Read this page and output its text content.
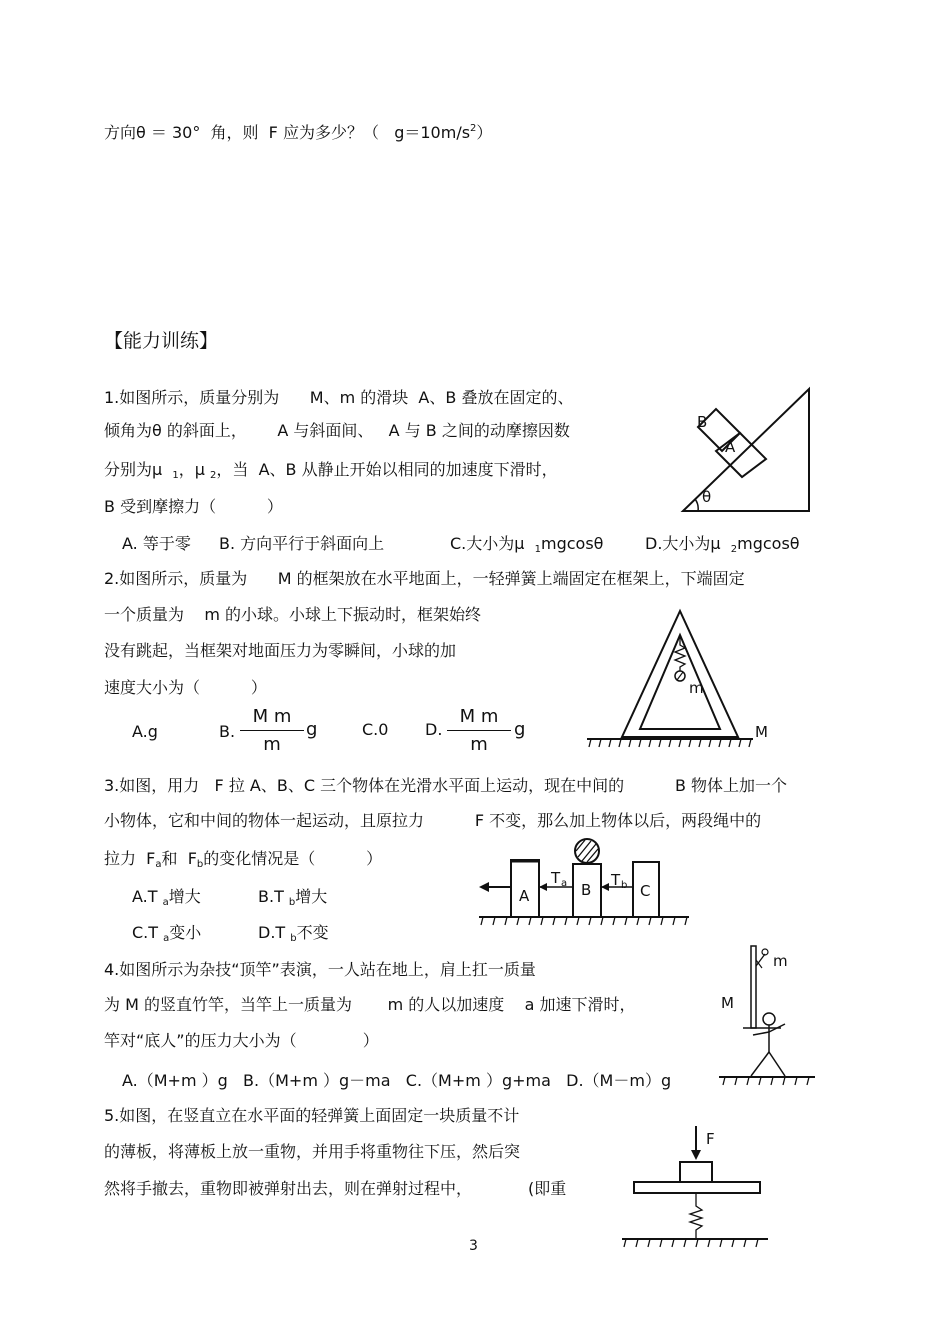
方向θ ＝ 30°  角，则  F 应为多少？（   $g=10m/s^2$）
【能力训练】
1.如图所示，质量分别为      M、m 的滑块  A、B 叠放在固定的、
倾角为θ 的斜面上，      A 与斜面间、   A 与 B 之间的动摩擦因数
分别为μ  $_1$，μ $_2$，当  A、B 从静止开始以相同的加速度下滑时，
B 受到摩擦力（          ）
A. 等于零 B. 方向平行于斜面向上	C.大小为μ  $_1$mgcosθ	D.大小为μ  $_2$mgcosθ
B
A
θ
2.如图所示，质量为      M 的框架放在水平地面上，一轻弹簧上端固定在框架上，下端固定
一个质量为    m 的小球。小球上下振动时，框架始终
没有跳起，当框架对地面压力为零瞬间，小球的加
速度大小为（          ）
A.g	B. $\frac{\text{M m}}{m}$ g	C.0 D. $\frac{\text{M m}}{m}$ g
m
M
3.如图，用力   F 拉 A、B、C 三个物体在光滑水平面上运动，现在中间的          B 物体上加一个
小物体，它和中间的物体一起运动，且原拉力          F 不变，那么加上物体以后，两段绳中的
拉力  $F_a$和  $F_b$的变化情况是（          ）
A.T $_a$增大	B.T $_b$增大
C.T $_a$变小	D.T $_b$不变
A	B	C
T a	T b
4.如图所示为杂技“顶竿”表演，一人站在地上，肩上扛一质量
为 M 的竖直竹竿，当竿上一质量为       m 的人以加速度    a 加速下滑时，
竿对“底人”的压力大小为（             ）
A.（M+m ）g   B.（M+m ）g－ma   C.（M+m ）g+ma   D.（M－m）g
m
M
5.如图，在竖直立在水平面的轻弹簧上面固定一块质量不计
的薄板，将薄板上放一重物，并用手将重物往下压，然后突
然将手撤去，重物即被弹射出去，则在弹射过程中，           (即重
F
3
